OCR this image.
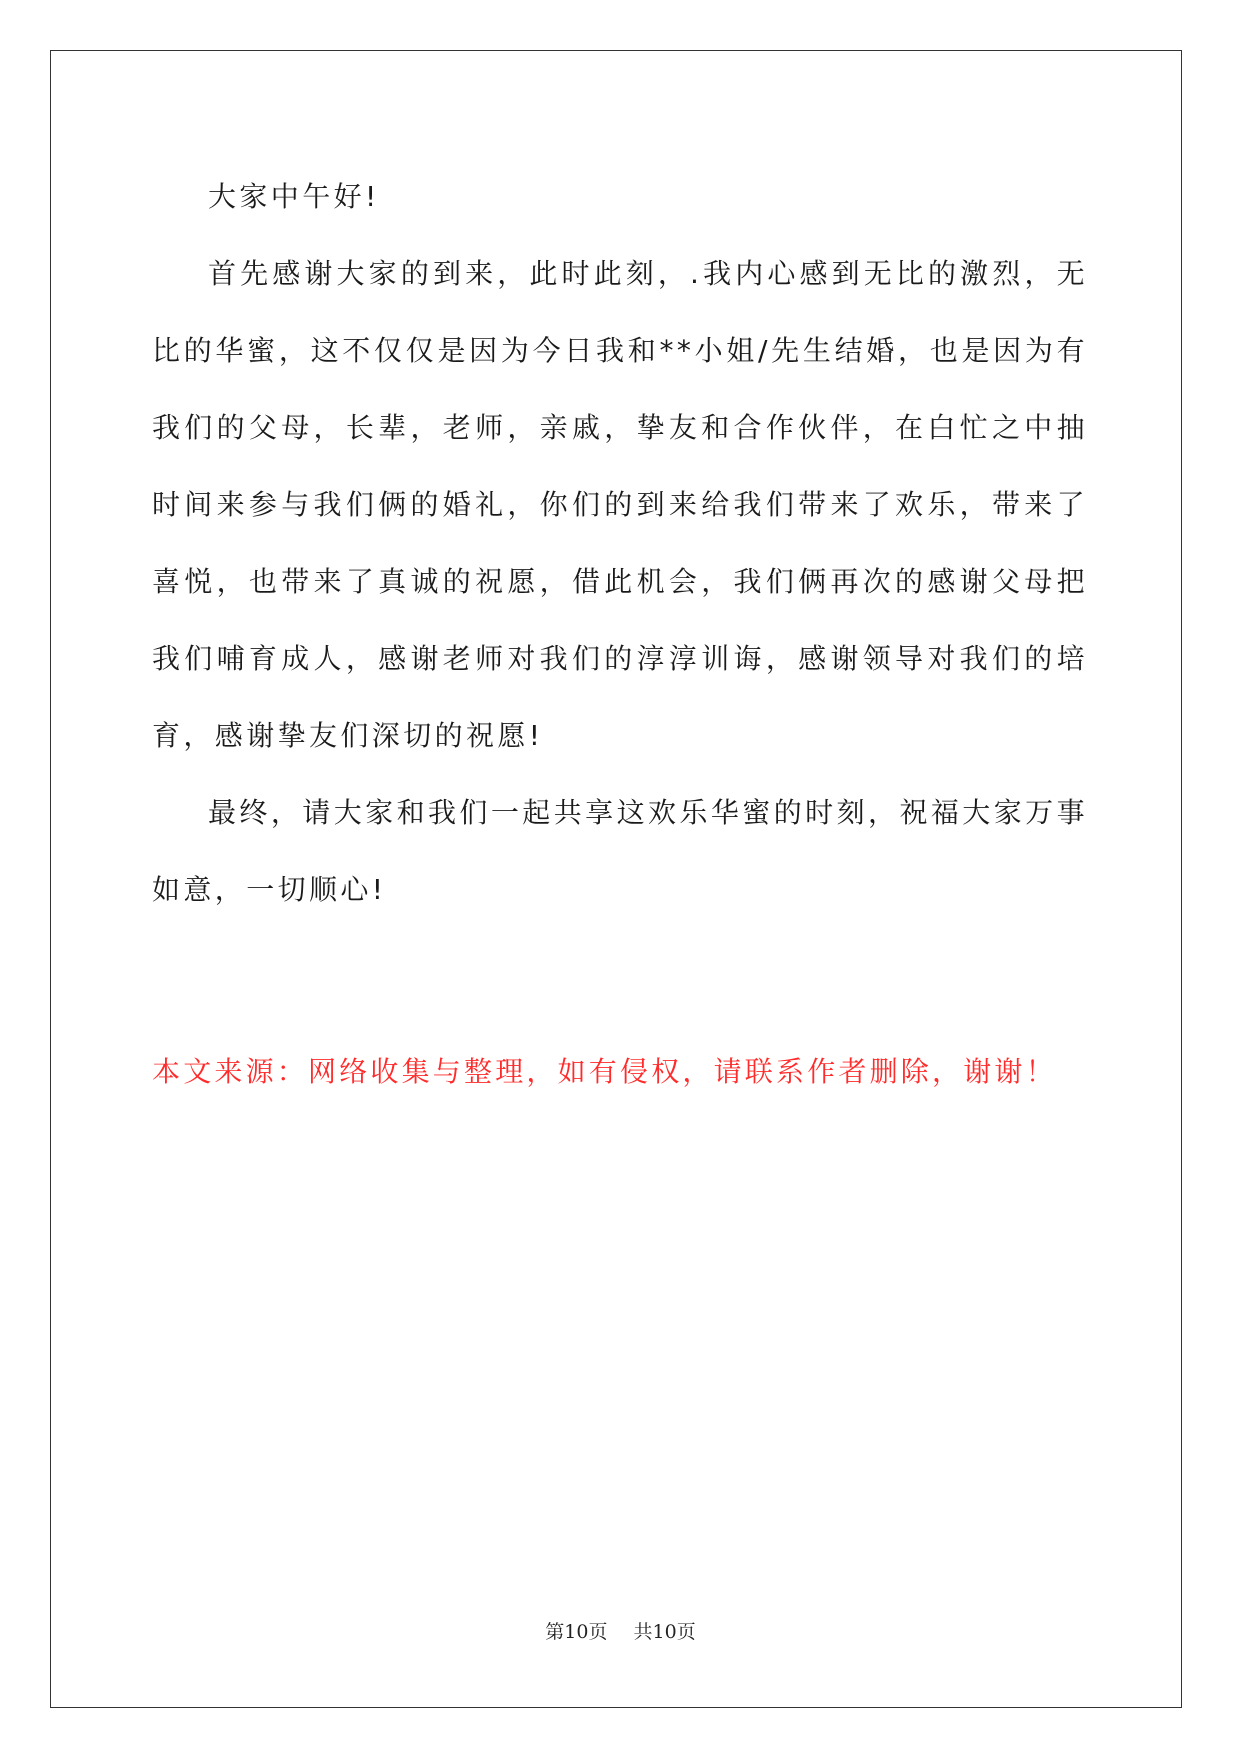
大家中午好!

首先感谢大家的到来，此时此刻，.我内心感到无比的激烈，无比的华蜜，这不仅仅是因为今日我和**小姐/先生结婚，也是因为有我们的父母，长辈，老师，亲戚，挚友和合作伙伴，在白忙之中抽时间来参与我们俩的婚礼，你们的到来给我们带来了欢乐，带来了喜悦，也带来了真诚的祝愿，借此机会，我们俩再次的感谢父母把我们哺育成人，感谢老师对我们的淳淳训诲，感谢领导对我们的培育，感谢挚友们深切的祝愿!

最终，请大家和我们一起共享这欢乐华蜜的时刻，祝福大家万事如意，一切顺心!

本文来源：网络收集与整理，如有侵权，请联系作者删除，谢谢！
第10页 共10页
